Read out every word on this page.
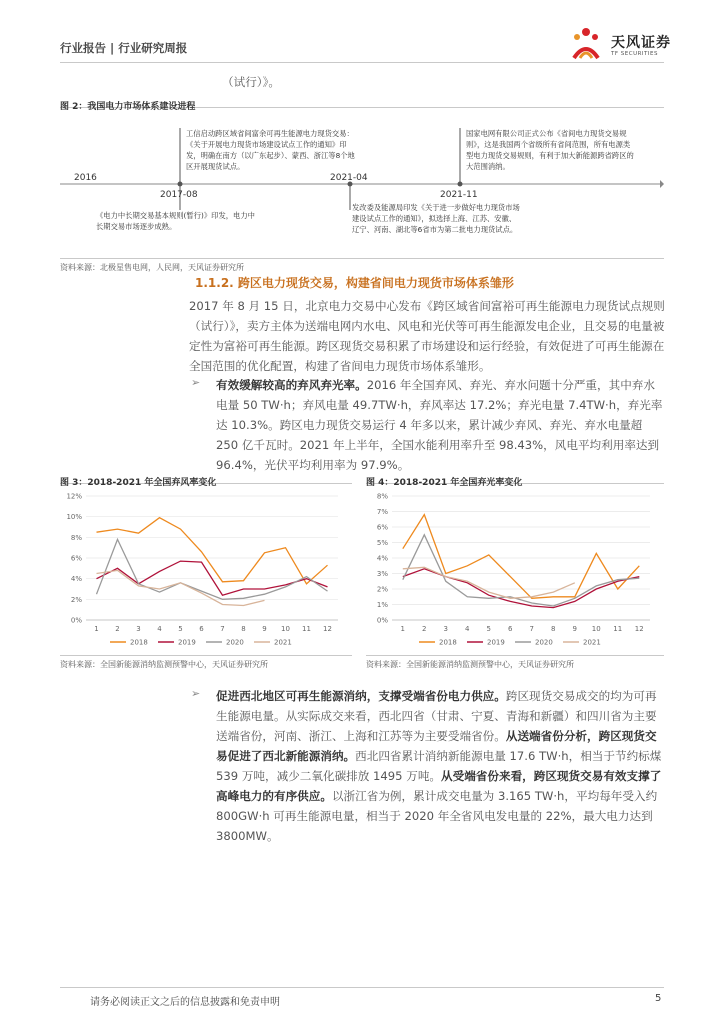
行业报告 | 行业研究周报	天风证券
TF SECURITIES
（试行）》。
图 2：我国电力市场体系建设进程
2016
2017-08
2021-04
2021-11
工信启动跨区域省间富余可再生能源电力现货交易：《关于开展电力现货市场建设试点工作的通知》印发，明确在南方（以广东起步）、蒙西、浙江等8个地区开展现货试点。
国家电网有限公司正式公布《省间电力现货交易规则》，这是我国两个省级所有省间范围，所有电源类型电力现货交易规则，有利于加大新能源跨省跨区的大范围消纳。
《电力中长期交易基本规则(暂行)》印发，电力中长期交易市场逐步成熟。
发改委及能源局印发《关于进一步做好电力现货市场建设试点工作的通知》，拟选择上海、江苏、安徽、辽宁、河南、湖北等6省市为第二批电力现货试点。
资料来源：北极星售电网，人民网，天风证券研究所
1.1.2. 跨区电力现货交易，构建省间电力现货市场体系雏形
2017 年 8 月 15 日，北京电力交易中心发布《跨区域省间富裕可再生能源电力现货试点规则（试行）》，卖方主体为送端电网内水电、风电和光伏等可再生能源发电企业，且交易的电量被定性为富裕可再生能源。跨区现货交易积累了市场建设和运行经验，有效促进了可再生能源在全国范围的优化配置，构建了省间电力现货市场体系雏形。
➢ 有效缓解较高的弃风弃光率。2016 年全国弃风、弃光、弃水问题十分严重，其中弃水电量 50 TW·h；弃风电量 49.7TW·h，弃风率达 17.2%；弃光电量 7.4TW·h，弃光率达 10.3%。跨区电力现货交易运行 4 年多以来，累计减少弃风、弃光、弃水电量超 250 亿千瓦时。2021 年上半年，全国水能利用率升至 98.43%，风电平均利用率达到 96.4%，光伏平均利用率为 97.9%。
图 3：2018-2021 年全国弃风率变化	图 4：2018-2021 年全国弃光率变化
0%
2%
4%
6%
8%
10%
12%
1 2 3 4 5 6 7 8 9 10 11 12
2018	2019	2020	2021
0%
1%
2%
3%
4%
5%
6%
7%
8%
1 2 3 4 5 6 7 8 9 10 11 12
2018	2019	2020	2021
资料来源：全国新能源消纳监测预警中心，天风证券研究所	资料来源：全国新能源消纳监测预警中心，天风证券研究所
➢ 促进西北地区可再生能源消纳，支撑受端省份电力供应。跨区现货交易成交的均为可再生能源电量。从实际成交来看，西北四省（甘肃、宁夏、青海和新疆）和四川省为主要送端省份，河南、浙江、上海和江苏等为主要受端省份。从送端省份分析，跨区现货交易促进了西北新能源消纳。西北四省累计消纳新能源电量 17.6 TW·h，相当于节约标煤 539 万吨，减少二氧化碳排放 1495 万吨。从受端省份来看，跨区现货交易有效支撑了高峰电力的有序供应。以浙江省为例，累计成交电量为 3.165 TW·h，平均每年受入约 800GW·h 可再生能源电量，相当于 2020 年全省风电发电量的 22%，最大电力达到 3800MW。
请务必阅读正文之后的信息披露和免责申明	5
